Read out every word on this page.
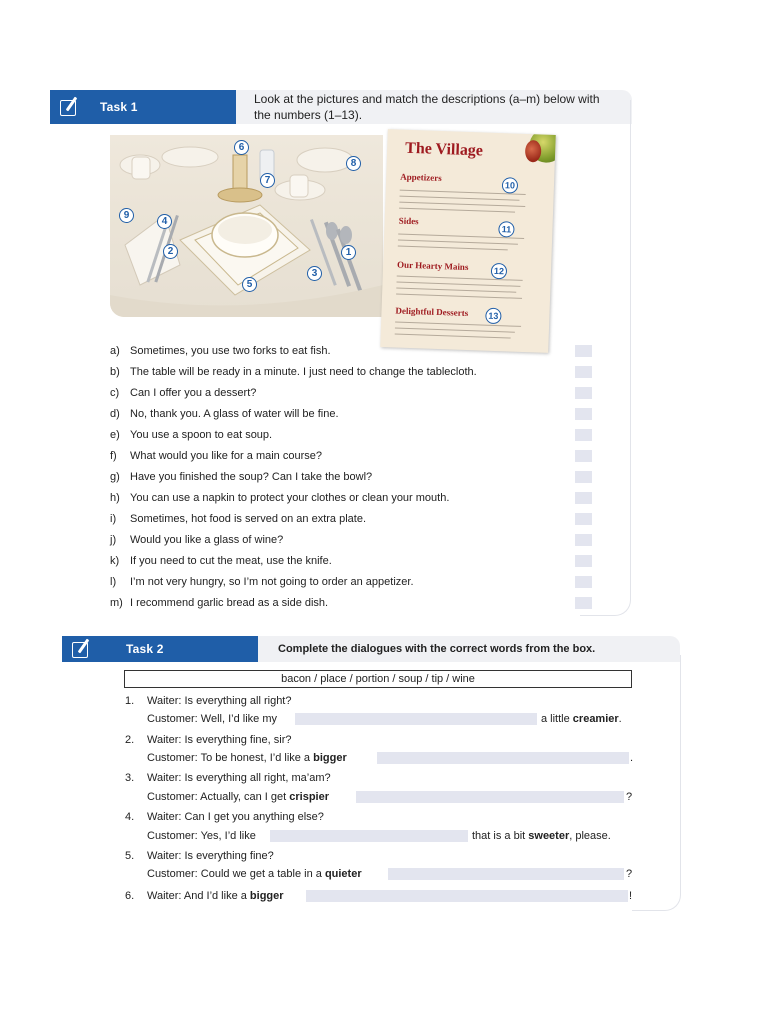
Task 1
Look at the pictures and match the descriptions (a–m) below with
the numbers (1–13).
1
2
3
4
5
6
7
8
9
The Village
Appetizers
10
Sides
11
Our Hearty Mains	12
Delightful Desserts	13
a) Sometimes, you use two forks to eat fish.
b) The table will be ready in a minute. I just need to change the tablecloth.
c) Can I offer you a dessert?
d) No, thank you. A glass of water will be fine.
e) You use a spoon to eat soup.
f) What would you like for a main course?
g) Have you finished the soup? Can I take the bowl?
h) You can use a napkin to protect your clothes or clean your mouth.
i) Sometimes, hot food is served on an extra plate.
j) Would you like a glass of wine?
k) If you need to cut the meat, use the knife.
l) I’m not very hungry, so I’m not going to order an appetizer.
m) I recommend garlic bread as a side dish.
Task 2	Complete the dialogues with the correct words from the box.
bacon / place / portion / soup / tip / wine
1. Waiter: Is everything all right?
Customer: Well, I’d like my	a little creamier.
2. Waiter: Is everything fine, sir?
Customer: To be honest, I’d like a bigger	.
3. Waiter: Is everything all right, ma’am?
Customer: Actually, can I get crispier	?
4. Waiter: Can I get you anything else?
Customer: Yes, I’d like	that is a bit sweeter, please.
5. Waiter: Is everything fine?
Customer: Could we get a table in a quieter	?
6. Waiter: And I’d like a bigger	!
